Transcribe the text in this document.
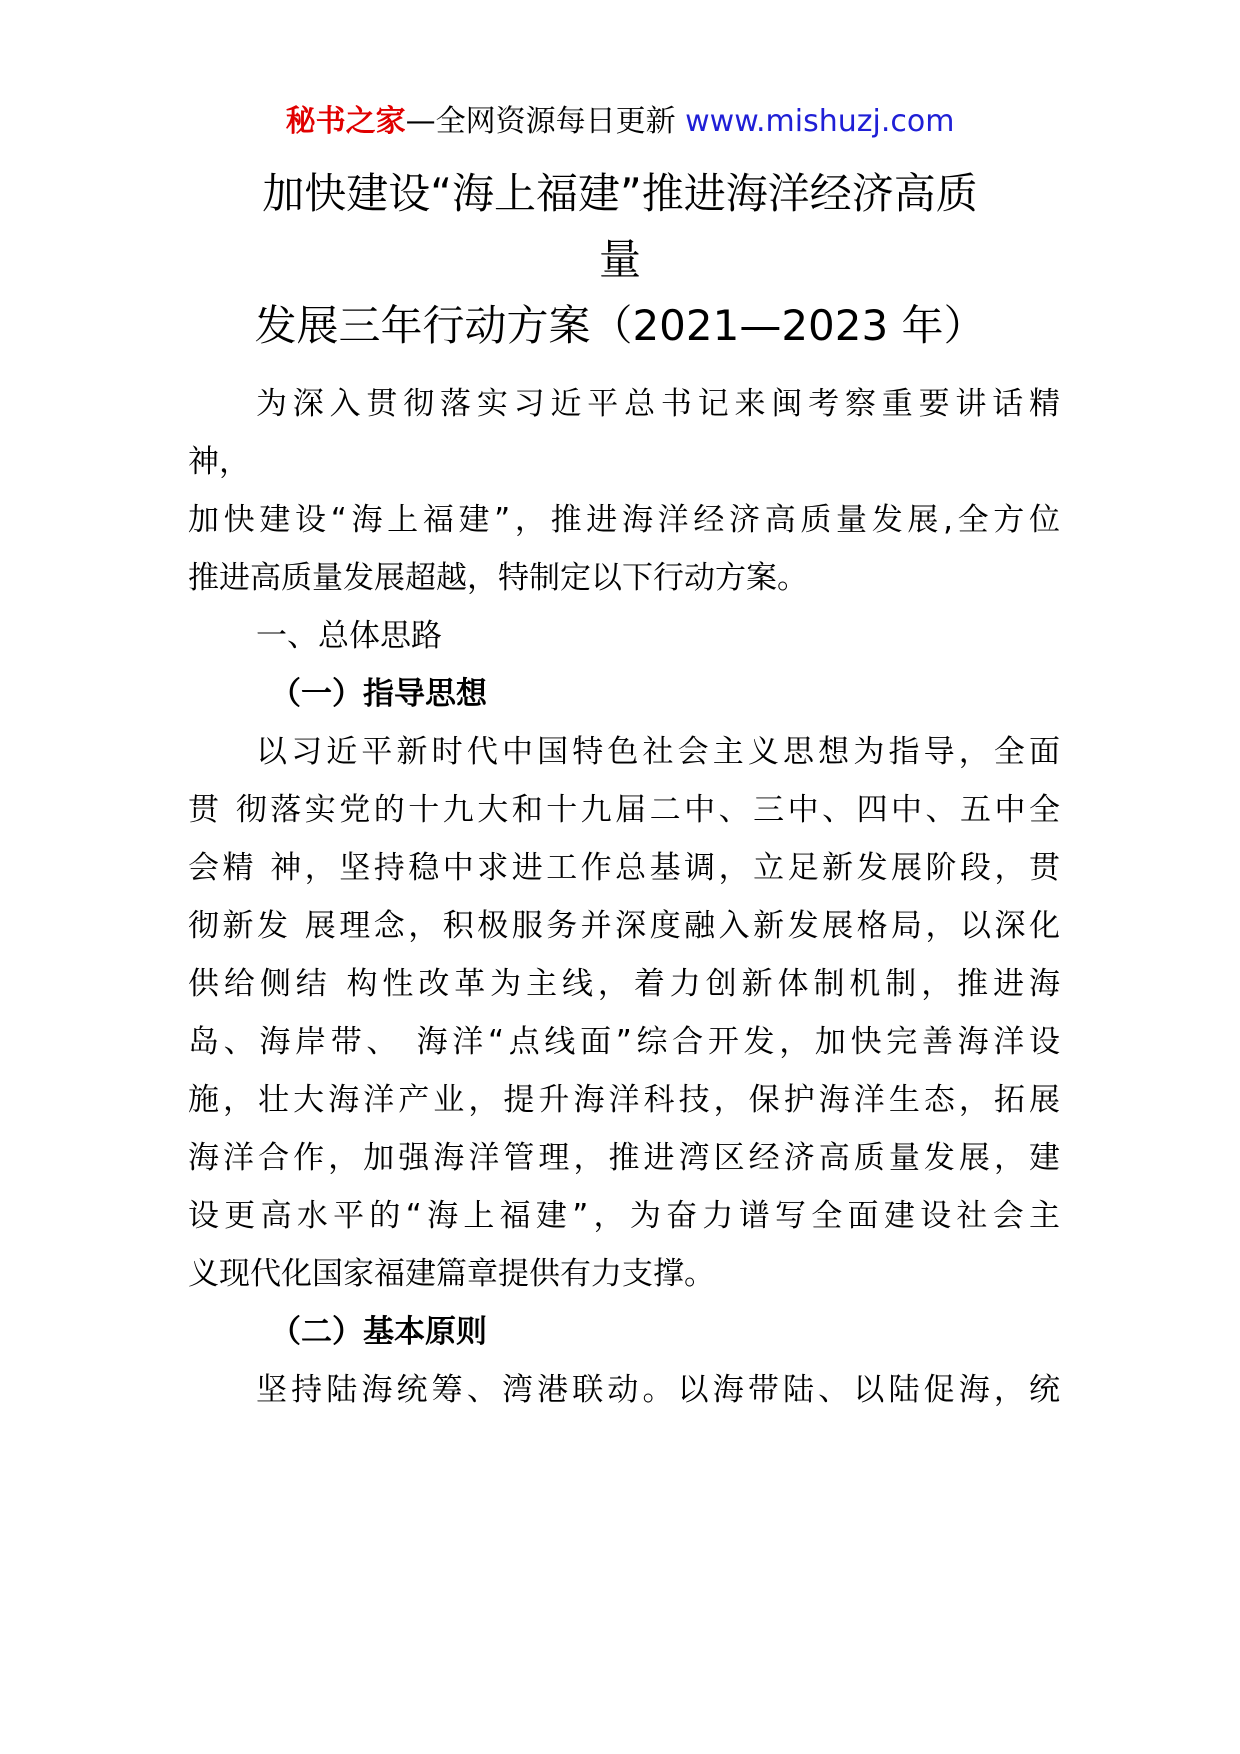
秘书之家—全网资源每日更新 www.mishuzj.com
加快建设“海上福建”推进海洋经济高质
量
发展三年行动方案（2021—2023 年）
为深入贯彻落实习近平总书记来闽考察重要讲话精
神，
加快建设“海上福建”，推进海洋经济高质量发展,全方位
推进高质量发展超越，特制定以下行动方案。
一、总体思路
（一）指导思想
以习近平新时代中国特色社会主义思想为指导，全面
贯 彻落实党的十九大和十九届二中、三中、四中、五中全
会精 神，坚持稳中求进工作总基调，立足新发展阶段，贯
彻新发 展理念，积极服务并深度融入新发展格局，以深化
供给侧结 构性改革为主线，着力创新体制机制，推进海
岛、海岸带、 海洋“点线面”综合开发，加快完善海洋设
施，壮大海洋产业，提升海洋科技，保护海洋生态，拓展
海洋合作，加强海洋管理，推进湾区经济高质量发展，建
设更高水平的“海上福建”，为奋力谱写全面建设社会主
义现代化国家福建篇章提供有力支撑。
（二）基本原则
坚持陆海统筹、湾港联动。以海带陆、以陆促海，统
